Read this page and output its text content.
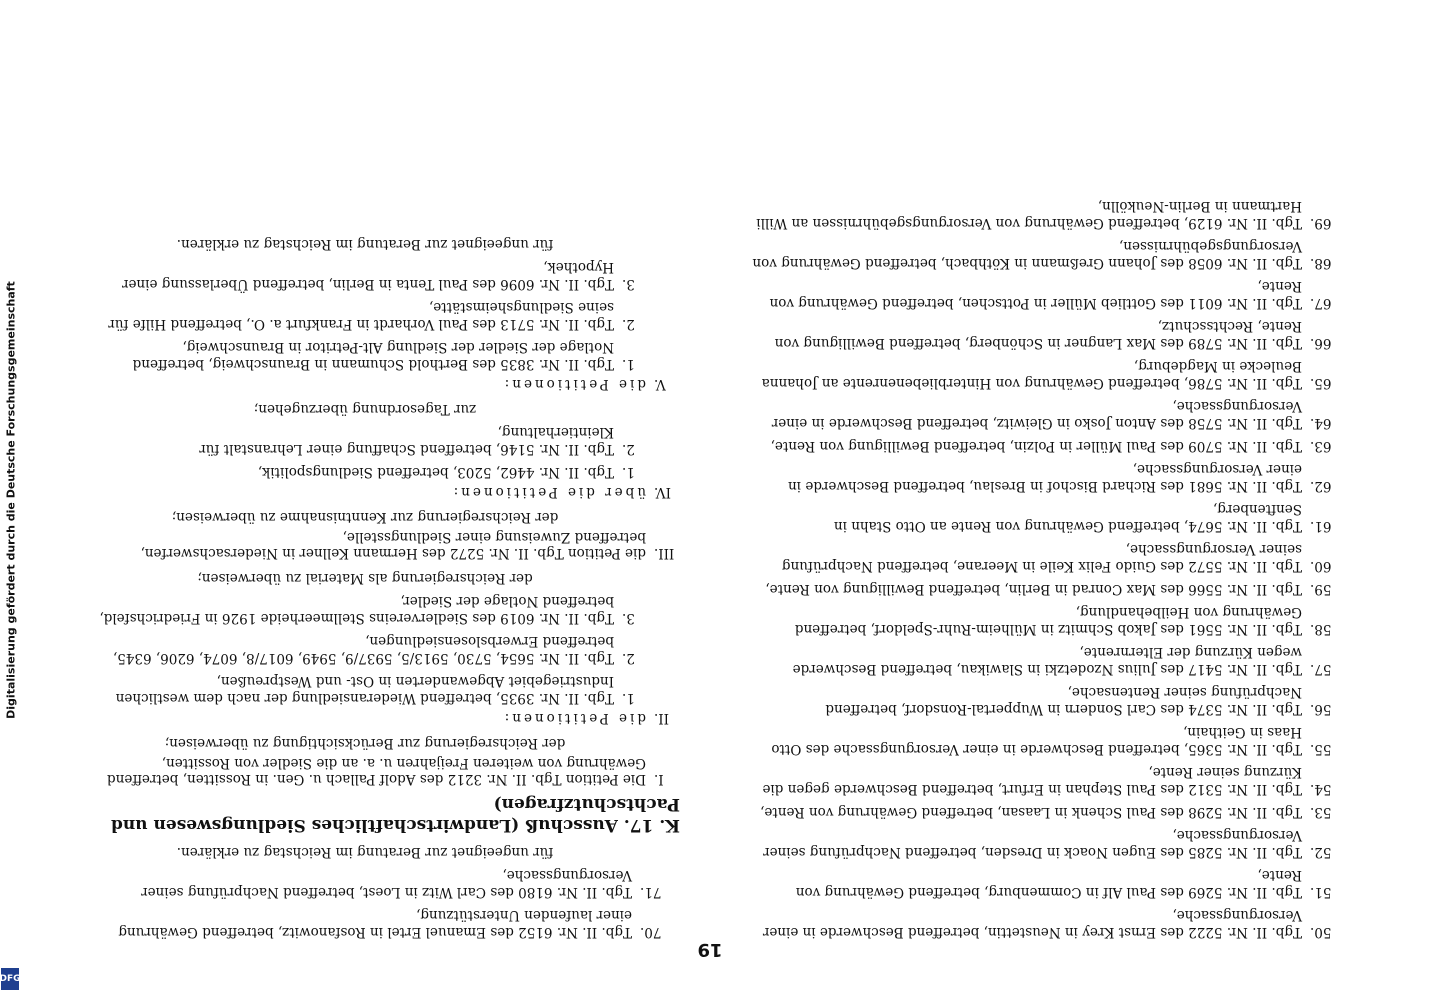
Digitalisierung gefördert durch die Deutsche Forschungsgemeinschaft
DFG
19
50.
Tgb. II. Nr. 5222 des Ernst Krey in Neustettin, betreffend Beschwerde in einer Versorgungssache,
51.
Tgb. II. Nr. 5269 des Paul Alf in Commenburg, betreffend Gewährung von Rente,
52.
Tgb. II. Nr. 5285 des Eugen Noack in Dresden, betreffend Nachprüfung seiner Versorgungssache,
53.
Tgb. II. Nr. 5298 des Paul Schenk in Laasan, betreffend Gewährung von Rente,
54.
Tgb. II. Nr. 5312 des Paul Stephan in Erfurt, betreffend Beschwerde gegen die Kürzung seiner Rente,
55.
Tgb. II. Nr. 5365, betreffend Beschwerde in einer Versorgungssache des Otto Haas in Geithain,
56.
Tgb. II. Nr. 5374 des Carl Sondern in Wuppertal-Ronsdorf, betreffend Nachprüfung seiner Rentensache,
57.
Tgb. II. Nr. 5417 des Julius Nzodetzki in Slawikau, betreffend Beschwerde wegen Kürzung der Elternrente,
58.
Tgb. II. Nr. 5561 des Jakob Schmitz in Mülheim-Ruhr-Speldorf, betreffend Gewährung von Heilbehandlung,
59.
Tgb. II. Nr. 5566 des Max Conrad in Berlin, betreffend Bewilligung von Rente,
60.
Tgb. II. Nr. 5572 des Guido Felix Keile in Meerane, betreffend Nachprüfung seiner Versorgungssache,
61.
Tgb. II. Nr. 5674, betreffend Gewährung von Rente an Otto Stahn in Senftenberg,
62.
Tgb. II. Nr. 5681 des Richard Bischof in Breslau, betreffend Beschwerde in einer Versorgungssache,
63.
Tgb. II. Nr. 5709 des Paul Müller in Polzin, betreffend Bewilligung von Rente,
64.
Tgb. II. Nr. 5758 des Anton Josko in Gleiwitz, betreffend Beschwerde in einer Versorgungssache,
65.
Tgb. II. Nr. 5786, betreffend Gewährung von Hinterbliebenenrente an Johanna Beulecke in Magdeburg,
66.
Tgb. II. Nr. 5789 des Max Langner in Schönberg, betreffend Bewilligung von Rente, Rechtsschutz,
67.
Tgb. II. Nr. 6011 des Gottlieb Müller in Pottschen, betreffend Gewährung von Rente,
68.
Tgb. II. Nr. 6058 des Johann Greßmann in Köthbach, betreffend Gewährung von Versorgungsgebührnissen,
69.
Tgb. II. Nr. 6129, betreffend Gewährung von Versorgungsgebührnissen an Willi Hartmann in Berlin-Neukölln,
70.
Tgb. II. Nr. 6152 des Emanuel Ertel in Rosfanowitz, betreffend Gewährung einer laufenden Unterstützung,
71.
Tgb. II. Nr. 6180 des Carl Witz in Loest, betreffend Nachprüfung seiner Versorgungssache,
für ungeeignet zur Beratung im Reichstag zu erklären.
K. 17. Ausschuß (Landwirtschaftliches Siedlungswesen und Pachtschutzfragen)
I.
Die Petition Tgb. II. Nr. 3212 des Adolf Pallach u. Gen. in Rossitten, betreffend Gewährung von weiteren Freijahren u. a. an die Siedler von Rossitten,
der Reichsregierung zur Berücksichtigung zu überweisen;
II.
die Petitionen:
1.
Tgb. II. Nr. 3935, betreffend Wiederansiedlung der nach dem westlichen Industriegebiet Abgewanderten in Ost- und Westpreußen,
2.
Tgb. II. Nr. 5654, 5730, 5913/5, 5937/9, 5949, 6017/8, 6074, 6206, 6345, betreffend Erwerbslosensiedlungen,
3.
Tgb. II. Nr. 6019 des Siedlervereins Stellmeerheide 1926 in Friedrichsfeld, betreffend Notlage der Siedler,
der Reichsregierung als Material zu überweisen;
III.
die Petition Tgb. II. Nr. 5272 des Hermann Kellner in Niedersachswerfen, betreffend Zuweisung einer Siedlungsstelle,
der Reichsregierung zur Kenntnisnahme zu überweisen;
IV.
über die Petitionen:
1.
Tgb. II. Nr. 4462, 5203, betreffend Siedlungspolitik,
2.
Tgb. II. Nr. 5146, betreffend Schaffung einer Lehranstalt für Kleintierhaltung,
zur Tagesordnung überzugehen;
V.
die Petitionen:
1.
Tgb. II. Nr. 3835 des Berthold Schumann in Braunschweig, betreffend Notlage der Siedler der Siedlung Alt-Petritor in Braunschweig,
2.
Tgb. II. Nr. 5713 des Paul Vorhardt in Frankfurt a. O., betreffend Hilfe für seine Siedlungsheimstätte,
3.
Tgb. II. Nr. 6096 des Paul Tenta in Berlin, betreffend Überlassung einer Hypothek,
für ungeeignet zur Beratung im Reichstag zu erklären.
